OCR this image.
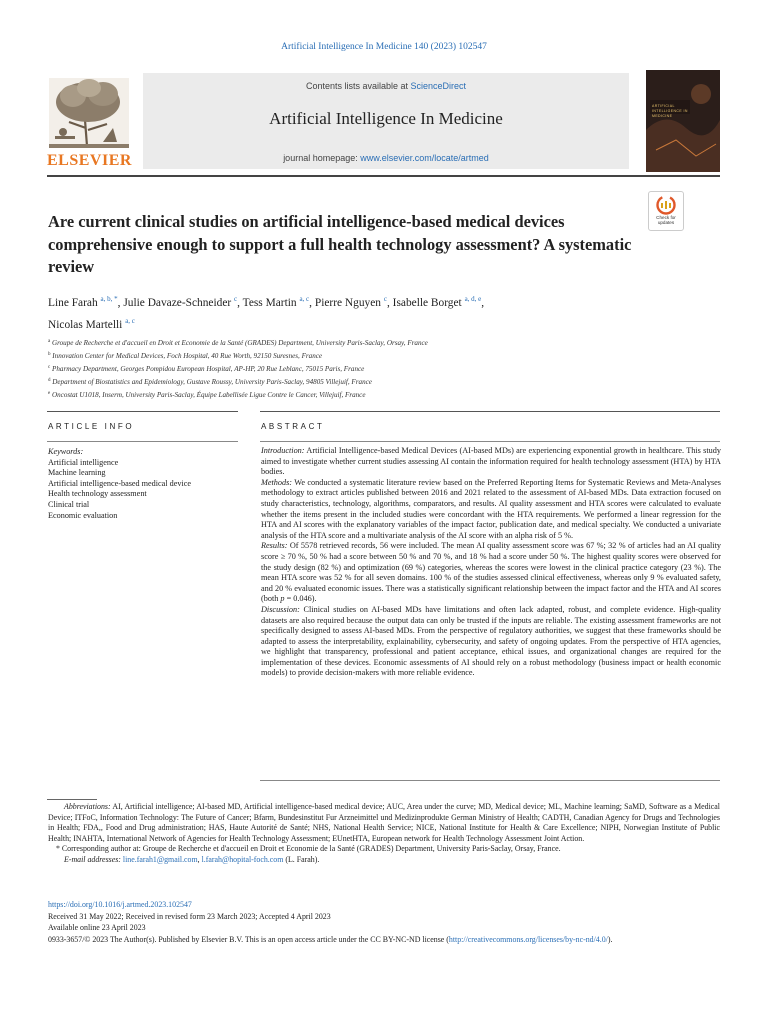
Artificial Intelligence In Medicine 140 (2023) 102547
ELSEVIER
Contents lists available at ScienceDirect
Artificial Intelligence In Medicine
journal homepage: www.elsevier.com/locate/artmed
ARTIFICIAL INTELLIGENCE IN MEDICINE
Check for updates
Are current clinical studies on artificial intelligence-based medical devices comprehensive enough to support a full health technology assessment? A systematic review
Line Farah $^{a, b, *}$, Julie Davaze-Schneider $^c$, Tess Martin $^{a, c}$, Pierre Nguyen $^c$, Isabelle Borget $^{a, d, e}$,
Nicolas Martelli $^{a, c}$
$^a$ Groupe de Recherche et d'accueil en Droit et Economie de la Santé (GRADES) Department, University Paris-Saclay, Orsay, France
$^b$ Innovation Center for Medical Devices, Foch Hospital, 40 Rue Worth, 92150 Suresnes, France
$^c$ Pharmacy Department, Georges Pompidou European Hospital, AP-HP, 20 Rue Leblanc, 75015 Paris, France
$^d$ Department of Biostatistics and Epidemiology, Gustave Roussy, University Paris-Saclay, 94805 Villejuif, France
$^e$ Oncostat U1018, Inserm, University Paris-Saclay, Équipe Labellisée Ligue Contre le Cancer, Villejuif, France
ARTICLE INFO	ABSTRACT
Keywords:
Artificial intelligence
Machine learning
Artificial intelligence-based medical device
Health technology assessment
Clinical trial
Economic evaluation

Introduction: Artificial Intelligence-based Medical Devices (AI-based MDs) are experiencing exponential growth in healthcare. This study aimed to investigate whether current studies assessing AI contain the information required for health technology assessment (HTA) by HTA bodies.

Methods: We conducted a systematic literature review based on the Preferred Reporting Items for Systematic Reviews and Meta-Analyses methodology to extract articles published between 2016 and 2021 related to the assessment of AI-based MDs. Data extraction focused on study characteristics, technology, algorithms, comparators, and results. AI quality assessment and HTA scores were calculated to evaluate whether the items present in the included studies were concordant with the HTA requirements. We performed a linear regression for the HTA and AI scores with the explanatory variables of the impact factor, publication date, and medical specialty. We conducted a univariate analysis of the HTA score and a multivariate analysis of the AI score with an alpha risk of 5 %.

Results: Of 5578 retrieved records, 56 were included. The mean AI quality assessment score was 67 %; 32 % of articles had an AI quality score ≥ 70 %, 50 % had a score between 50 % and 70 %, and 18 % had a score under 50 %. The highest quality scores were observed for the study design (82 %) and optimization (69 %) categories, whereas the scores were lowest in the clinical practice category (23 %). The mean HTA score was 52 % for all seven domains. 100 % of the studies assessed clinical effectiveness, whereas only 9 % evaluated safety, and 20 % evaluated economic issues. There was a statistically significant relationship between the impact factor and the HTA and AI scores (both p = 0.046).

Discussion: Clinical studies on AI-based MDs have limitations and often lack adapted, robust, and complete evidence. High-quality datasets are also required because the output data can only be trusted if the inputs are reliable. The existing assessment frameworks are not specifically designed to assess AI-based MDs. From the perspective of regulatory authorities, we suggest that these frameworks should be adapted to assess the interpretability, explainability, cybersecurity, and safety of ongoing updates. From the perspective of HTA agencies, we highlight that transparency, professional and patient acceptance, ethical issues, and organizational changes are required for the implementation of these devices. Economic assessments of AI should rely on a robust methodology (business impact or health economic models) to provide decision-makers with more reliable evidence.

Abbreviations: AI, Artificial intelligence; AI-based MD, Artificial intelligence-based medical device; AUC, Area under the curve; MD, Medical device; ML, Machine learning; SaMD, Software as a Medical Device; ITFoC, Information Technology: The Future of Cancer; Bfarm, Bundesinstitut Fur Arzneimittel und Medizinprodukte German Ministry of Health; CADTH, Canadian Agency for Drugs and Technologies in Health; FDA,, Food and Drug administration; HAS, Haute Autorité de Santé; NHS, National Health Service; NICE, National Institute for Health & Care Excellence; NIPH, Norwegian Institute of Public Health; INAHTA, International Network of Agencies for Health Technology Assessment; EUnetHTA, European network for Health Technology Assessment Joint Action.

* Corresponding author at: Groupe de Recherche et d'accueil en Droit et Economie de la Santé (GRADES) Department, University Paris-Saclay, Orsay, France.

E-mail addresses: line.farah1@gmail.com, l.farah@hopital-foch.com (L. Farah).

https://doi.org/10.1016/j.artmed.2023.102547

Received 31 May 2022; Received in revised form 23 March 2023; Accepted 4 April 2023

Available online 23 April 2023

0933-3657/© 2023 The Author(s). Published by Elsevier B.V. This is an open access article under the CC BY-NC-ND license (http://creativecommons.org/licenses/by-nc-nd/4.0/).
